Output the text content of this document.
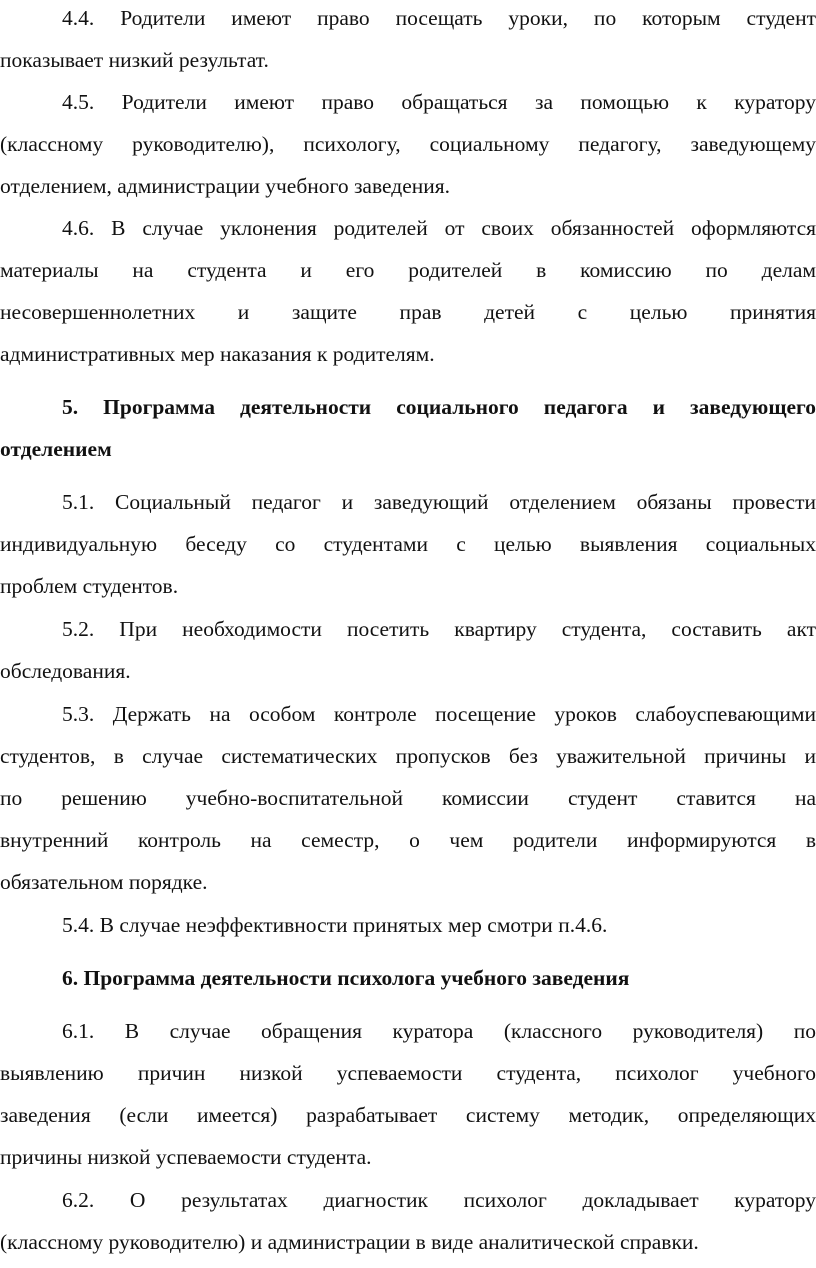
4.4. Родители имеют право посещать уроки, по которым студент
показывает низкий результат.
4.5. Родители имеют право обращаться за помощью к куратору
(классному руководителю), психологу, социальному педагогу, заведующему
отделением, администрации учебного заведения.
4.6. В случае уклонения родителей от своих обязанностей оформляются
материалы на студента и его родителей в комиссию по делам
несовершеннолетних и защите прав детей с целью принятия
административных мер наказания к родителям.
5. Программа деятельности социального педагога и заведующего
отделением
5.1. Социальный педагог и заведующий отделением обязаны провести
индивидуальную беседу со студентами с целью выявления социальных
проблем студентов.
5.2. При необходимости посетить квартиру студента, составить акт
обследования.
5.3. Держать на особом контроле посещение уроков слабоуспевающими
студентов, в случае систематических пропусков без уважительной причины и
по решению учебно-воспитательной комиссии студент ставится на
внутренний контроль на семестр, о чем родители информируются в
обязательном порядке.
5.4. В случае неэффективности принятых мер смотри п.4.6.
6. Программа деятельности психолога учебного заведения
6.1. В случае обращения куратора (классного руководителя) по
выявлению причин низкой успеваемости студента, психолог учебного
заведения (если имеется) разрабатывает систему методик, определяющих
причины низкой успеваемости студента.
6.2. О результатах диагностик психолог докладывает куратору
(классному руководителю) и администрации в виде аналитической справки.
